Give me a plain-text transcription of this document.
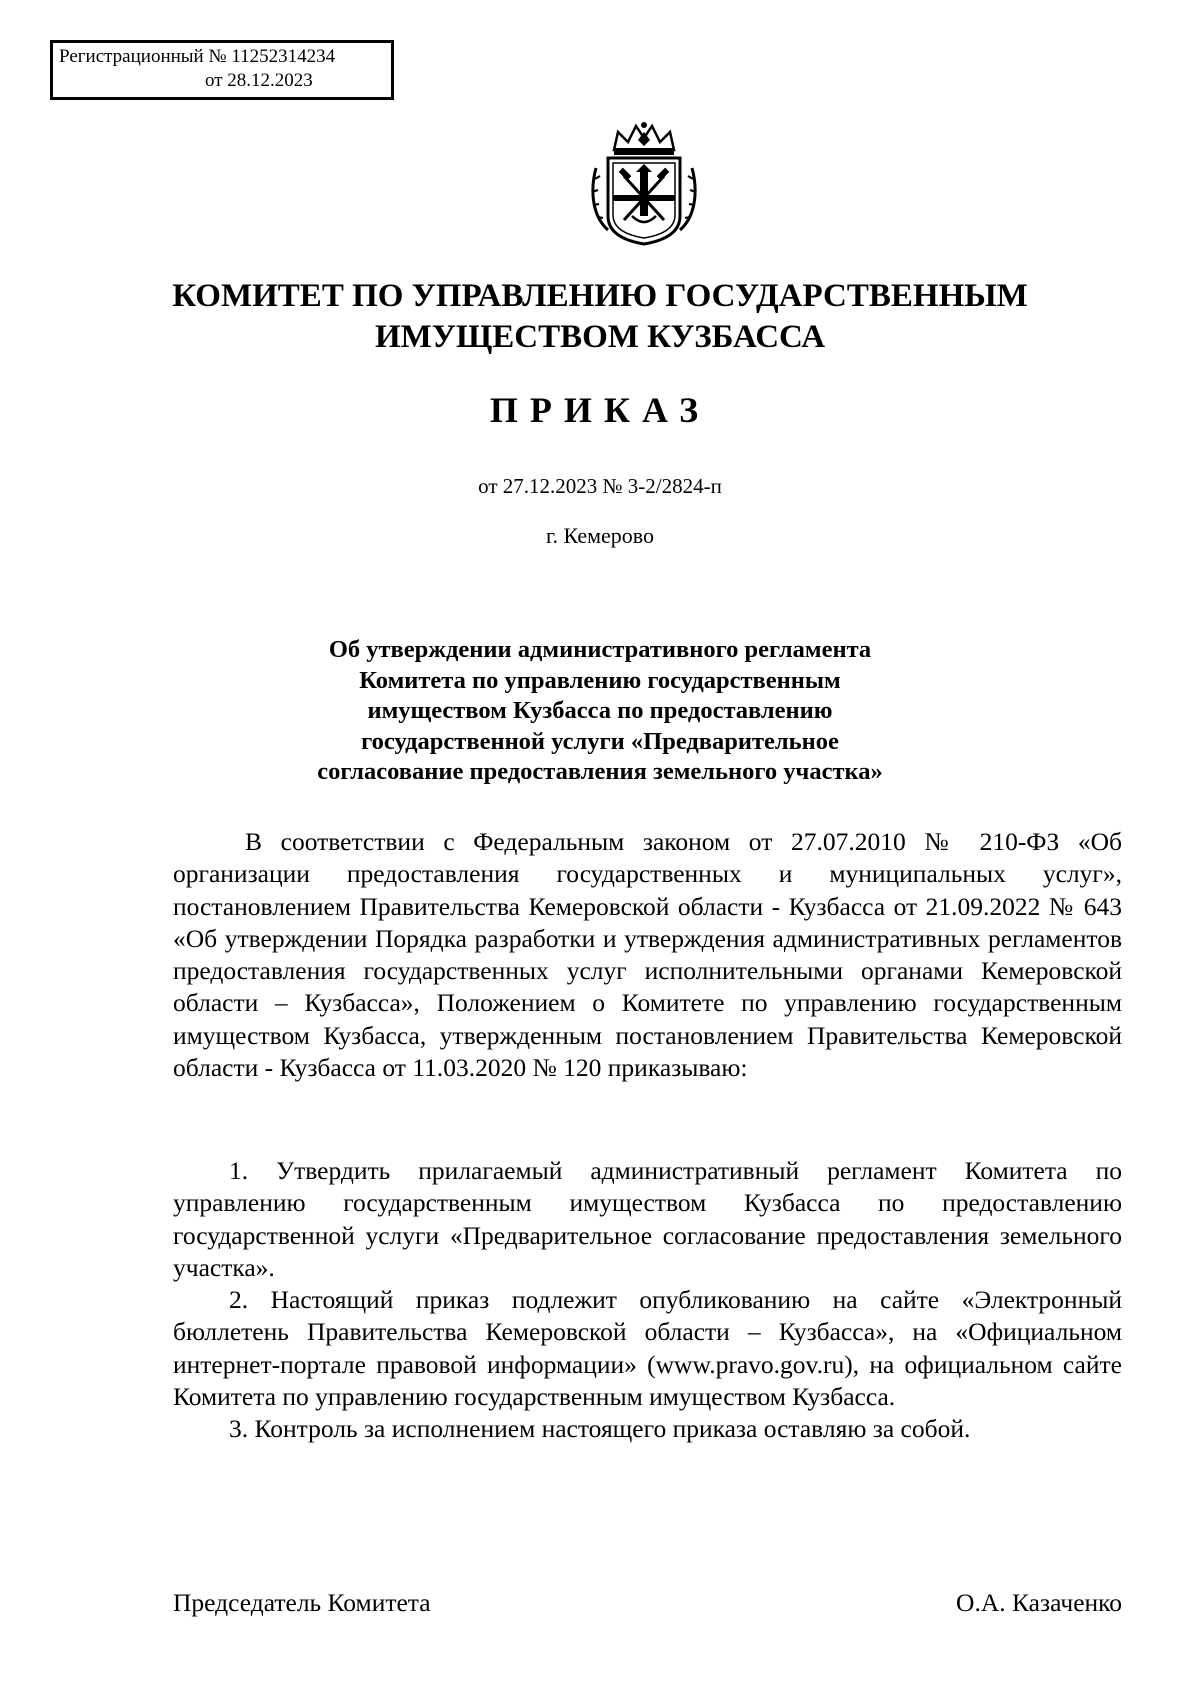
Регистрационный № 11252314234
от 28.12.2023
КОМИТЕТ ПО УПРАВЛЕНИЮ ГОСУДАРСТВЕННЫМ
ИМУЩЕСТВОМ КУЗБАССА
ПРИКАЗ
от 27.12.2023 № 3-2/2824-п
г. Кемерово
Об утверждении административного регламента
Комитета по управлению государственным
имуществом Кузбасса по предоставлению
государственной услуги «Предварительное
согласование предоставления земельного участка»

В соответствии с Федеральным законом от 27.07.2010 № 210-ФЗ «Об организации предоставления государственных и муниципальных услуг», постановлением Правительства Кемеровской области - Кузбасса от 21.09.2022 № 643 «Об утверждении Порядка разработки и утверждения административных регламентов предоставления государственных услуг исполнительными органами Кемеровской области – Кузбасса», Положением о Комитете по управлению государственным имуществом Кузбасса, утвержденным постановлением Правительства Кемеровской области - Кузбасса от 11.03.2020 № 120 приказываю:

1. Утвердить прилагаемый административный регламент Комитета по управлению государственным имуществом Кузбасса по предоставлению государственной услуги «Предварительное согласование предоставления земельного участка».

2. Настоящий приказ подлежит опубликованию на сайте «Электронный бюллетень Правительства Кемеровской области – Кузбасса», на «Официальном интернет-портале правовой информации» (www.pravo.gov.ru), на официальном сайте Комитета по управлению государственным имуществом Кузбасса.

3. Контроль за исполнением настоящего приказа оставляю за собой.

Председатель Комитета	О.А. Казаченко
